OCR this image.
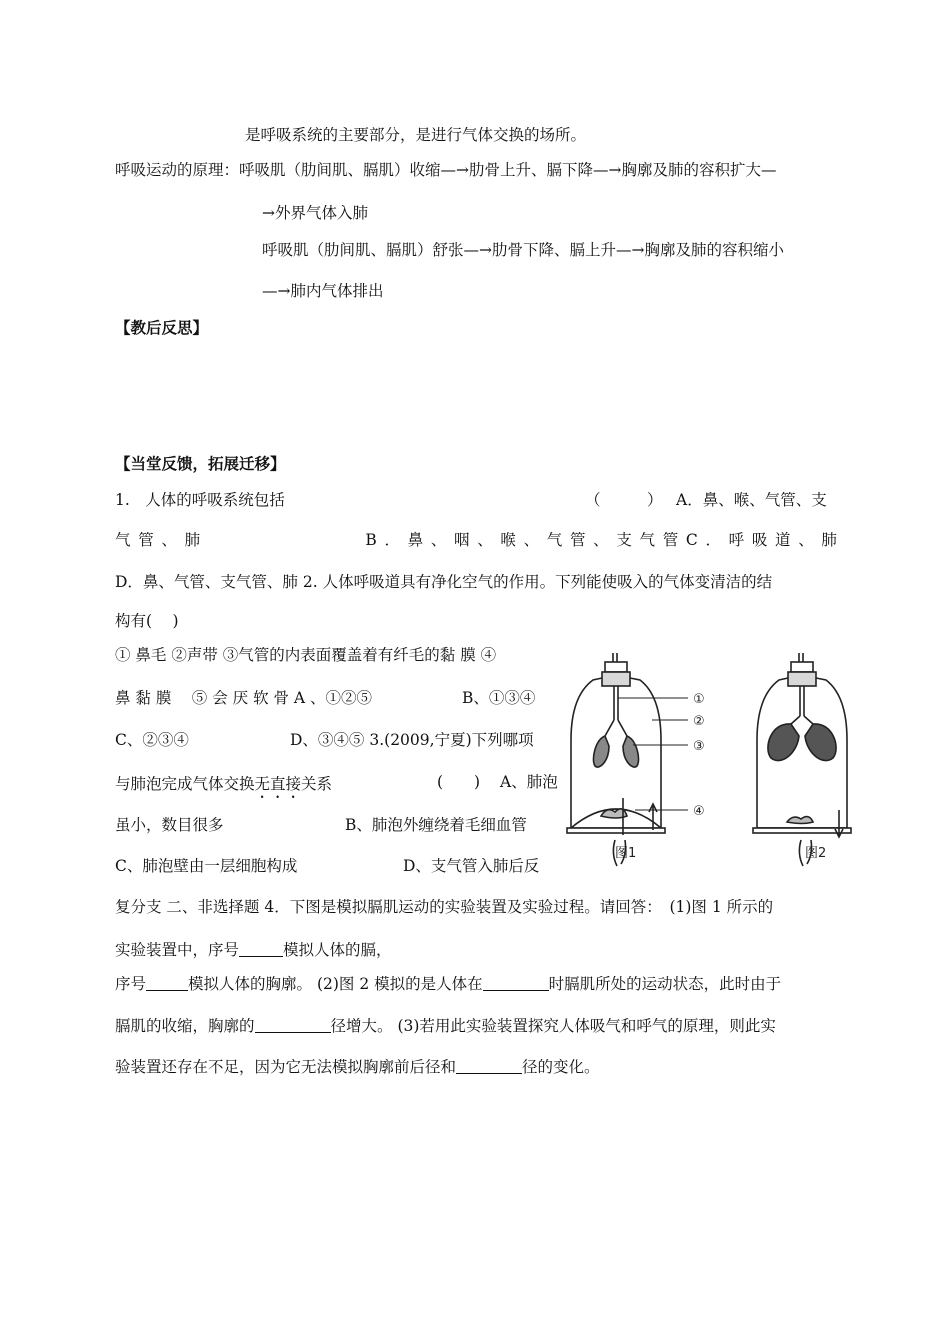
是呼吸系统的主要部分，是进行气体交换的场所。
呼吸运动的原理：呼吸肌（肋间肌、膈肌）收缩—→肋骨上升、膈下降—→胸廓及肺的容积扩大—
→外界气体入肺
呼吸肌（肋间肌、膈肌）舒张—→肋骨下降、膈上升—→胸廓及肺的容积缩小
—→肺内气体排出
【教后反思】
【当堂反馈，拓展迁移】
1.　人体的呼吸系统包括	（　　　） A．鼻、喉、气管、支
气 管 、 肺	B ． 鼻 、 咽 、 喉 、 气 管 、 支 气 管 C ． 呼 吸 道 、 肺
D．鼻、气管、支气管、肺 2. 人体呼吸道具有净化空气的作用。下列能使吸入的气体变清洁的结
构有(　 )
① 鼻毛 ②声带 ③气管的内表面覆盖着有纤毛的黏 膜 ④
鼻 黏 膜　 ⑤ 会 厌 软 骨 A 、①②⑤	B、①③④
C、②③④	D、③④⑤ 3.(2009,宁夏)下列哪项
与肺泡完成气体交换无直接关系	(　　) A、肺泡
虽小，数目很多	B、肺泡外缠绕着毛细血管
C、肺泡壁由一层细胞构成	D、支气管入肺后反
复分支 二、非选择题 4．下图是模拟膈肌运动的实验装置及实验过程。请回答：　(1)图 1 所示的
实验装置中，序号	模拟人体的膈，
序号	模拟人体的胸廓。 (2)图 2 模拟的是人体在	时膈肌所处的运动状态，此时由于
膈肌的收缩，胸廓的	径增大。 (3)若用此实验装置探究人体吸气和呼气的原理，则此实
验装置还存在不足，因为它无法模拟胸廓前后径和	径的变化。
①
②
③
④
图1	图2
